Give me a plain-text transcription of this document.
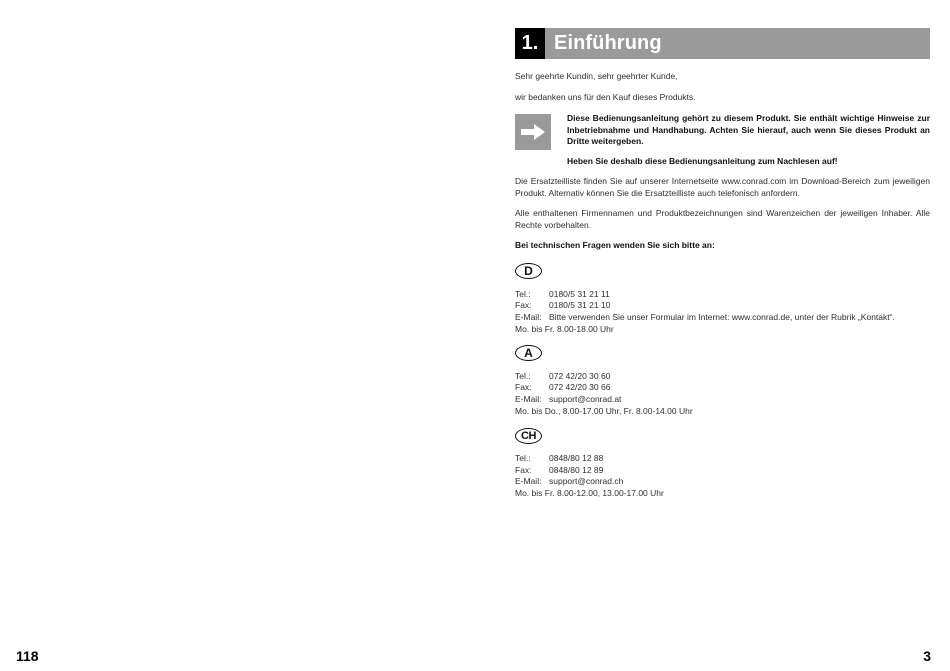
118	3
1. Einführung

Sehr geehrte Kundin, sehr geehrter Kunde,

wir bedanken uns für den Kauf dieses Produkts.

Diese Bedienungsanleitung gehört zu diesem Produkt. Sie enthält wichtige Hinweise zur Inbetriebnahme und Handhabung. Achten Sie hierauf, auch wenn Sie dieses Produkt an Dritte weitergeben.

Heben Sie deshalb diese Bedienungsanleitung zum Nachlesen auf!

Die Ersatzteilliste finden Sie auf unserer Internetseite www.conrad.com im Download-Bereich zum jeweiligen Produkt. Alternativ können Sie die Ersatzteilliste auch telefonisch anfordern.

Alle enthaltenen Firmennamen und Produktbezeichnungen sind Warenzeichen der jeweiligen Inhaber. Alle Rechte vorbehalten.

Bei technischen Fragen wenden Sie sich bitte an:

D
Tel.:	0180/5 31 21 11
Fax:	0180/5 31 21 10
E-Mail: Bitte verwenden Sie unser Formular im Internet: www.conrad.de, unter der Rubrik „Kontakt“.
Mo. bis Fr. 8.00-18.00 Uhr
A
Tel.:	072 42/20 30 60
Fax:	072 42/20 30 66
E-Mail: support@conrad.at
Mo. bis Do., 8.00-17.00 Uhr, Fr. 8.00-14.00 Uhr
CH
Tel.:	0848/80 12 88
Fax:	0848/80 12 89
E-Mail: support@conrad.ch
Mo. bis Fr. 8.00-12.00, 13.00-17.00 Uhr
